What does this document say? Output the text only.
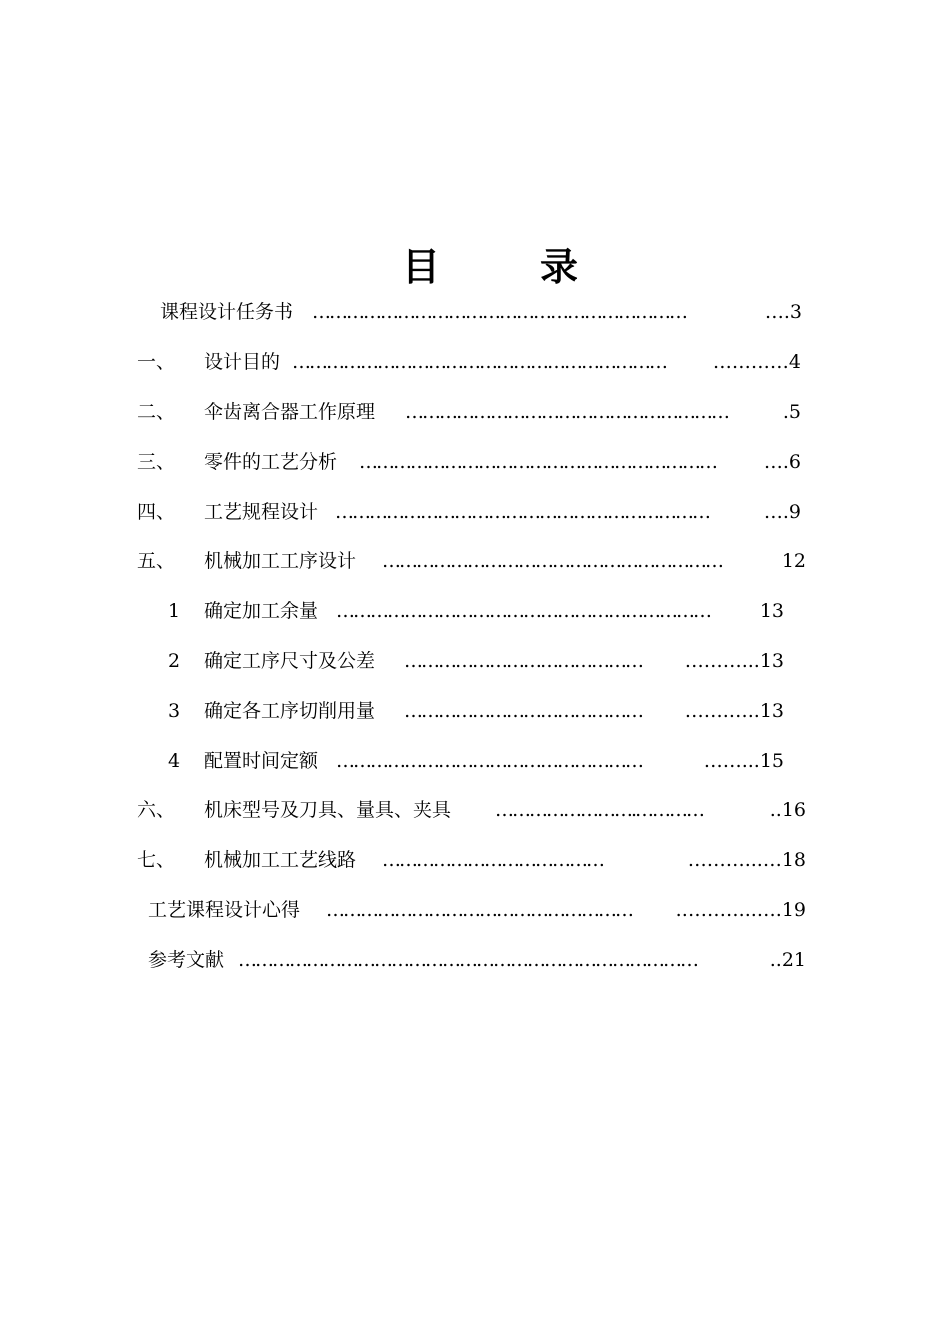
目	录
课程设计任务书 …………………………………………………………	….3
一、 设计目的 …………………………………………………………	…………4
二、 伞齿离合器工作原理 …………………………………………………	.5
三、 零件的工艺分析 ………………………………………………………	….6
四、 工艺规程设计 …………………………………………………………	….9
五、 机械加工工序设计 ……………………………………………………	12
1 确定加工余量 …………………………………………………………	13
2 确定工序尺寸及公差 ……………………………………	………...13
3 确定各工序切削用量 ……………………………………	…….…..13
4 配置时间定额 ………………………………………………	……...15
六、 机床型号及刀具、量具、夹具 …………………….…………	..16
七、 机械加工工艺线路 …………………………………	………...…18
工艺课程设计心得 ………………………………………………	.………...….19
参考文献 ………………………………………………………………………	..21
